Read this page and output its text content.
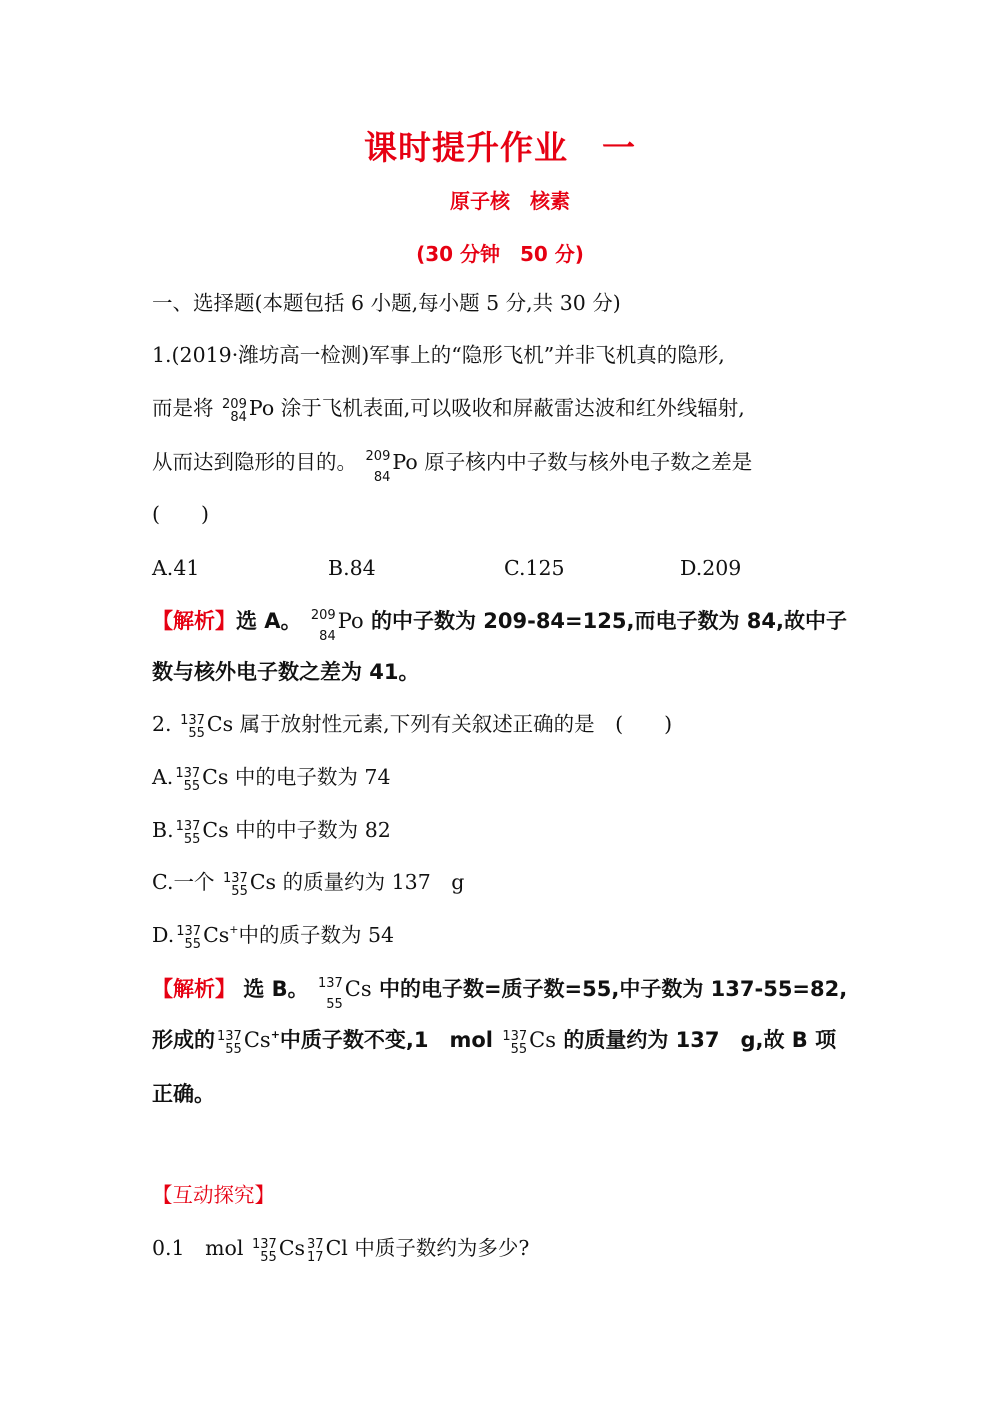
课时提升作业　一
原子核　核素
(30 分钟　50 分)
一、选择题(本题包括 6 小题,每小题 5 分,共 30 分)
1.(2019·潍坊高一检测)军事上的“隐形飞机”并非飞机真的隐形,
而是将 209
84 Po 涂于飞机表面,可以吸收和屏蔽雷达波和红外线辐射,
从而达到隐形的目的。 209
84
Po 原子核内中子数与核外电子数之差是
(　　)
A.41	B.84	C.125	D.209
【解析】选 A。 209
84
Po 的中子数为 209-84=125,而电子数为 84,故中子
数与核外电子数之差为 41。
2. 137
55 Cs 属于放射性元素,下列有关叙述正确的是　(　　)
A. 137
55 Cs 中的电子数为 74
B. 137
55 Cs 中的中子数为 82
C.一个 137
55 Cs 的质量约为 137　g
D. 137
55 Cs+中的质子数为 54
【解析】 选 B。 137
55
Cs 中的电子数=质子数=55,中子数为 137-55=82,
形成的 137
55 Cs+中质子数不变,1　mol 137
55 Cs 的质量约为 137　g,故 B 项
正确。
【互动探究】
0.1　mol 137
55 Cs 37
17 Cl 中质子数约为多少?
